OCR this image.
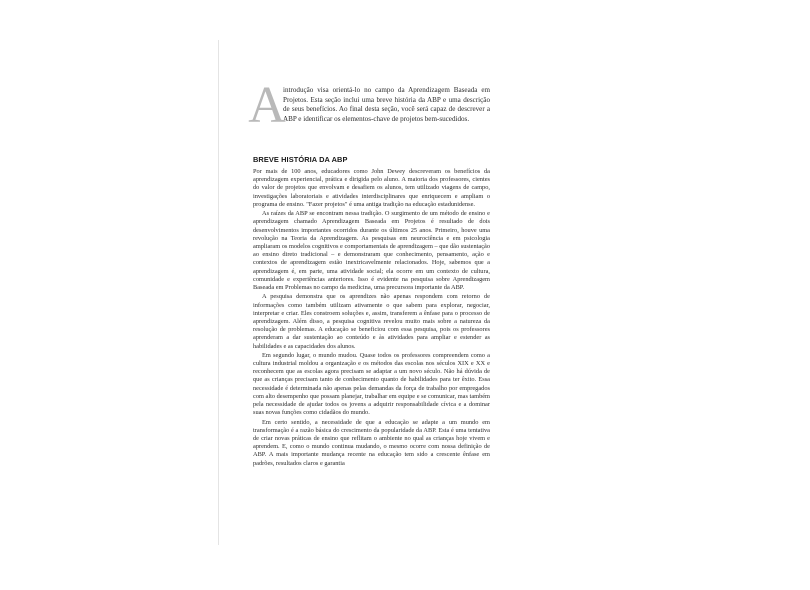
A

introdução visa orientá-lo no campo da Aprendizagem Baseada em Projetos. Esta seção inclui uma breve história da ABP e uma descrição de seus benefícios. Ao final desta seção, você será capaz de descrever a ABP e identificar os elementos-chave de projetos bem-sucedidos.

BREVE HISTÓRIA DA ABP

Por mais de 100 anos, educadores como John Dewey descreveram os benefícios da aprendizagem experiencial, prática e dirigida pelo aluno. A maioria dos professores, cientes do valor de projetos que envolvam e desafiem os alunos, tem utilizado viagens de campo, investigações laboratoriais e atividades interdisciplinares que enriquecem e ampliam o programa de ensino. "Fazer projetos" é uma antiga tradição na educação estadunidense.

As raízes da ABP se encontram nessa tradição. O surgimento de um método de ensino e aprendizagem chamado Aprendizagem Baseada em Projetos é resultado de dois desenvolvimentos importantes ocorridos durante os últimos 25 anos. Primeiro, houve uma revolução na Teoria da Aprendizagem. As pesquisas em neurociência e em psicologia ampliaram os modelos cognitivos e comportamentais de aprendizagem – que dão sustentação ao ensino direto tradicional – e demonstraram que conhecimento, pensamento, ação e contextos de aprendizagem estão inextricavelmente relacionados. Hoje, sabemos que a aprendizagem é, em parte, uma atividade social; ela ocorre em um contexto de cultura, comunidade e experiências anteriores. Isso é evidente na pesquisa sobre Aprendizagem Baseada em Problemas no campo da medicina, uma precursora importante da ABP.

A pesquisa demonstra que os aprendizes não apenas respondem com retorno de informações como também utilizam ativamente o que sabem para explorar, negociar, interpretar e criar. Eles constroem soluções e, assim, transferem a ênfase para o processo de aprendizagem. Além disso, a pesquisa cognitiva revelou muito mais sobre a natureza da resolução de problemas. A educação se beneficiou com essa pesquisa, pois os professores aprenderam a dar sustentação ao conteúdo e às atividades para ampliar e estender as habilidades e as capacidades dos alunos.

Em segundo lugar, o mundo mudou. Quase todos os professores compreendem como a cultura industrial moldou a organização e os métodos das escolas nos séculos XIX e XX e reconhecem que as escolas agora precisam se adaptar a um novo século. Não há dúvida de que as crianças precisam tanto de conhecimento quanto de habilidades para ter êxito. Essa necessidade é determinada não apenas pelas demandas da força de trabalho por empregados com alto desempenho que possam planejar, trabalhar em equipe e se comunicar, mas também pela necessidade de ajudar todos os jovens a adquirir responsabilidade cívica e a dominar suas novas funções como cidadãos do mundo.

Em certo sentido, a necessidade de que a educação se adapte a um mundo em transformação é a razão básica do crescimento da popularidade da ABP. Esta é uma tentativa de criar novas práticas de ensino que reflitam o ambiente no qual as crianças hoje vivem e aprendem. E, como o mundo continua mudando, o mesmo ocorre com nossa definição de ABP. A mais importante mudança recente na educação tem sido a crescente ênfase em padrões, resultados claros e garantia
